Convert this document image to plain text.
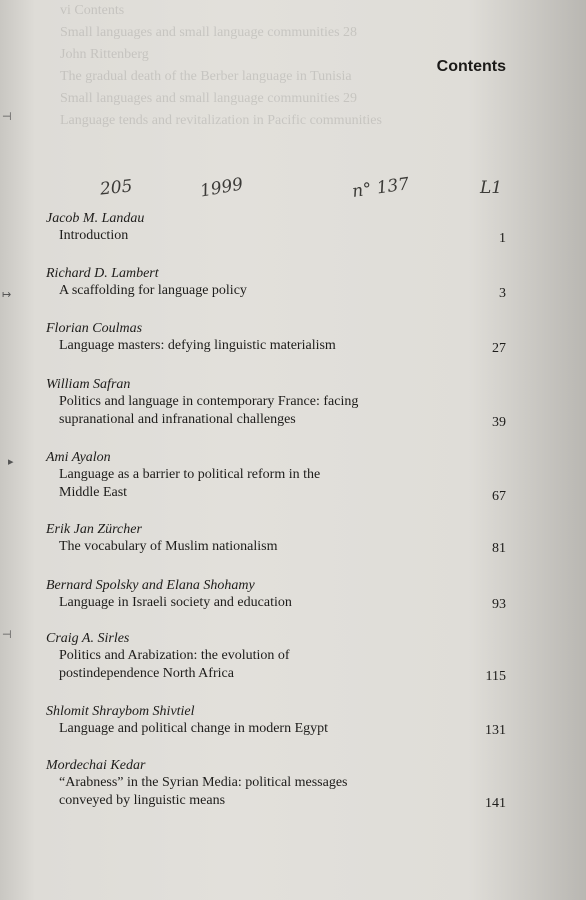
vi Contents
Small languages and small language communities 28
John Rittenberg
The gradual death of the Berber language in Tunisia
Small languages and small language communities 29
Language tends and revitalization in Pacific communities
Contents
205	1999	n° 137	L1
⊣
↦
▸
⊣
Jacob M. Landau
Introduction	1
Richard D. Lambert
A scaffolding for language policy	3
Florian Coulmas
Language masters: defying linguistic materialism	27
William Safran
Politics and language in contemporary France: facing
supranational and infranational challenges	39
Ami Ayalon
Language as a barrier to political reform in the
Middle East	67
Erik Jan Zürcher
The vocabulary of Muslim nationalism	81
Bernard Spolsky and Elana Shohamy
Language in Israeli society and education	93
Craig A. Sirles
Politics and Arabization: the evolution of
postindependence North Africa	115
Shlomit Shraybom Shivtiel
Language and political change in modern Egypt	131
Mordechai Kedar
“Arabness” in the Syrian Media: political messages
conveyed by linguistic means	141
